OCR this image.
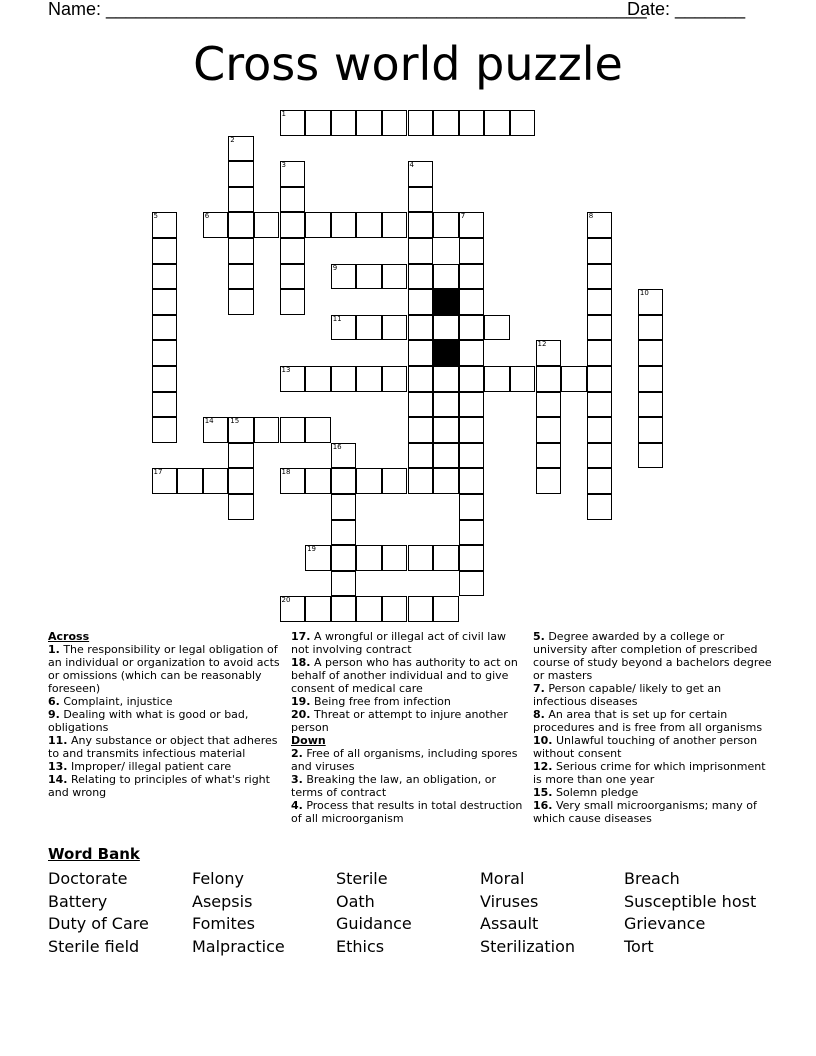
Name: ______________________________________________________
Date: _______
Cross world puzzle
1
2
3	4
5	6	7	8
9
10
11
12
13
14 15
16
17	18
19
20

Across

1. The responsibility or legal obligation of an individual or organization to avoid acts or omissions (which can be reasonably foreseen)

6. Complaint, injustice

9. Dealing with what is good or bad, obligations

11. Any substance or object that adheres to and transmits infectious material

13. Improper/ illegal patient care

14. Relating to principles of what's right and wrong

17. A wrongful or illegal act of civil law not involving contract

18. A person who has authority to act on behalf of another individual and to give consent of medical care

19. Being free from infection

20. Threat or attempt to injure another person

Down

2. Free of all organisms, including spores and viruses

3. Breaking the law, an obligation, or terms of contract

4. Process that results in total destruction of all microorganism

5. Degree awarded by a college or university after completion of prescribed course of study beyond a bachelors degree or masters

7. Person capable/ likely to get an infectious diseases

8. An area that is set up for certain procedures and is free from all organisms

10. Unlawful touching of another person without consent

12. Serious crime for which imprisonment is more than one year

15. Solemn pledge

16. Very small microorganisms; many of which cause diseases

Word Bank
Doctorate
Battery
Duty of Care
Sterile field
Felony
Asepsis
Fomites
Malpractice
Sterile
Oath
Guidance
Ethics
Moral
Viruses
Assault
Sterilization
Breach
Susceptible host
Grievance
Tort
